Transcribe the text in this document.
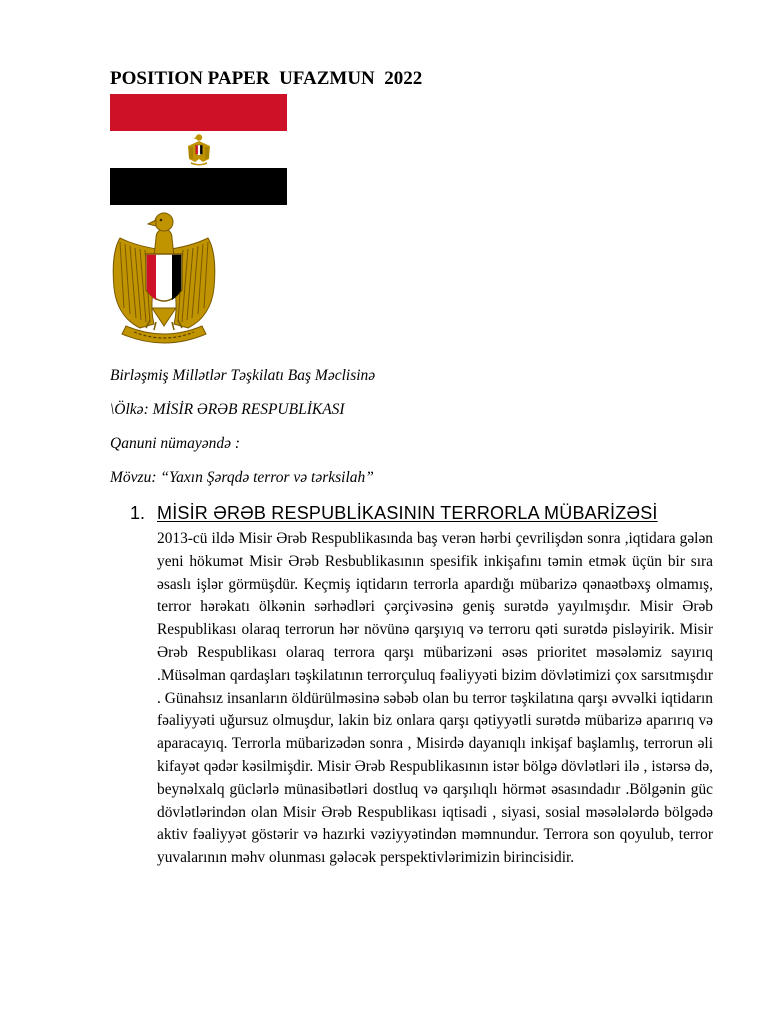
POSITION PAPER  UFAZMUN  2022
Birləşmiş Millətlər Təşkilatı Baş Məclisinə
\Ölkə: MİSİR ƏRƏB RESPUBLİKASI
Qanuni nümayəndə :
Mövzu: “Yaxın Şərqdə terror və tərksilah”
1. MİSİR ƏRƏB RESPUBLİKASININ TERRORLA MÜBARİZƏSİ
2013-cü ildə Misir Ərəb Respublikasında baş verən hərbi çevrilişdən sonra ,iqtidara gələn yeni hökumət Misir Ərəb Resbublikasının spesifik inkişafını təmin etmək üçün bir sıra əsaslı işlər görmüşdür. Keçmiş iqtidarın terrorla apardığı mübarizə qənaətbəxş olmamış, terror hərəkatı ölkənin sərhədləri çərçivəsinə geniş surətdə yayılmışdır. Misir Ərəb Respublikası olaraq terrorun hər növünə qarşıyıq və terroru qəti surətdə pisləyirik. Misir Ərəb Respublikası olaraq terrora qarşı mübarizəni əsəs prioritet məsələmiz sayırıq .Müsəlman qardaşları təşkilatının terrorçuluq fəaliyyəti bizim dövlətimizi çox sarsıtmışdır . Günahsız insanların öldürülməsinə səbəb olan bu terror təşkilatına qarşı əvvəlki iqtidarın fəaliyyəti uğursuz olmuşdur, lakin biz onlara qarşı qətiyyətli surətdə mübarizə aparırıq və aparacayıq. Terrorla mübarizədən sonra , Misirdə dayanıqlı inkişaf başlamlış, terrorun əli kifayət qədər kəsilmişdir. Misir Ərəb Respublikasının istər bölgə dövlətləri ilə , istərsə də, beynəlxalq güclərlə münasibətləri dostluq və qarşılıqlı hörmət əsasındadır .Bölgənin güc dövlətlərindən olan Misir Ərəb Respublikası iqtisadi , siyasi, sosial məsələlərdə bölgədə aktiv fəaliyyət göstərir və hazırki vəziyyətindən məmnundur. Terrora son qoyulub, terror yuvalarının məhv olunması gələcək perspektivlərimizin birincisidir.
